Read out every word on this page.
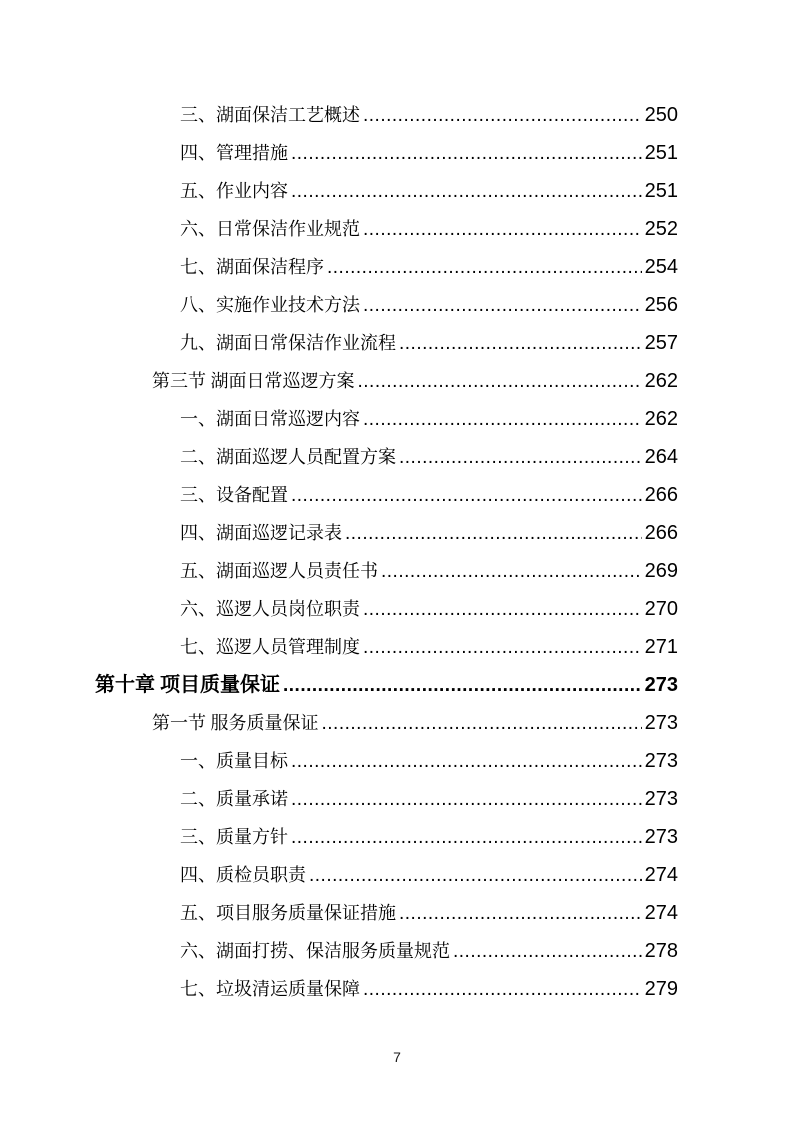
三、湖面保洁工艺概述 .....	250
四、管理措施 .....	251
五、作业内容 .....	251
六、日常保洁作业规范 .....	252
七、湖面保洁程序 .....	254
八、实施作业技术方法 .....	256
九、湖面日常保洁作业流程 .....	257
第三节 湖面日常巡逻方案 .....	262
一、湖面日常巡逻内容 .....	262
二、湖面巡逻人员配置方案 .....	264
三、设备配置 .....	266
四、湖面巡逻记录表 .....	266
五、湖面巡逻人员责任书 .....	269
六、巡逻人员岗位职责 .....	270
七、巡逻人员管理制度 .....	271
第十章 项目质量保证 .....	273
第一节 服务质量保证 .....	273
一、质量目标 .....	273
二、质量承诺 .....	273
三、质量方针 .....	273
四、质检员职责 .....	274
五、项目服务质量保证措施 .....	274
六、湖面打捞、保洁服务质量规范 .....	278
七、垃圾清运质量保障 .....	279
7
